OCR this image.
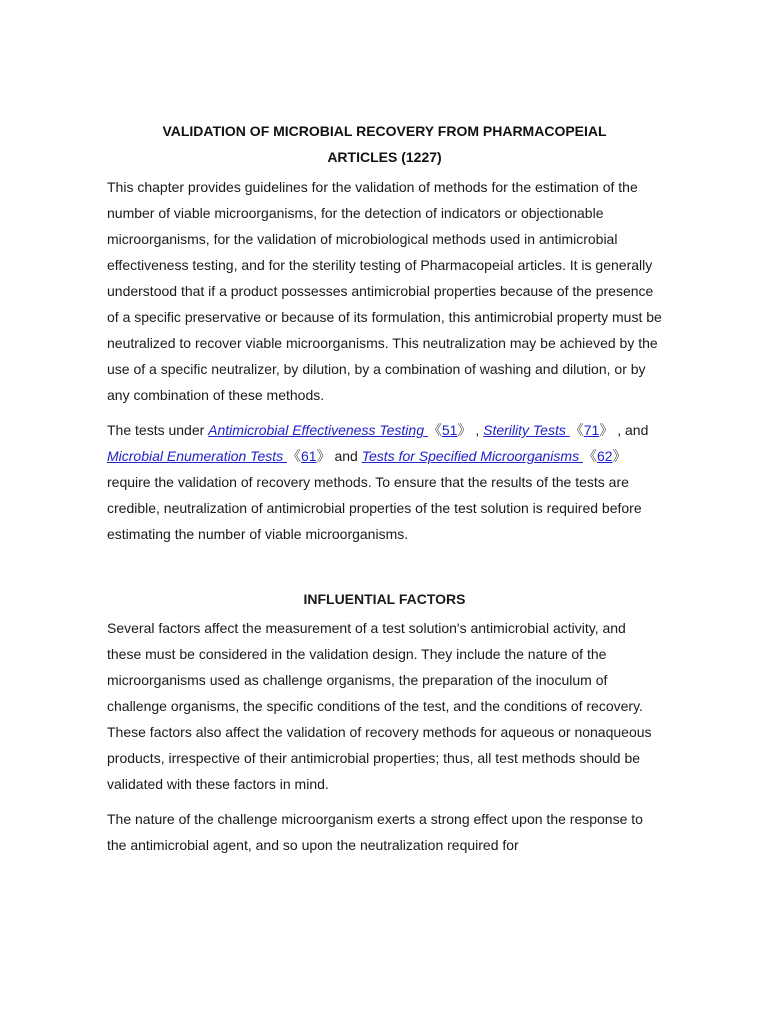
VALIDATION OF MICROBIAL RECOVERY FROM PHARMACOPEIAL
ARTICLES (1227)

This chapter provides guidelines for the validation of methods for the estimation of the number of viable microorganisms, for the detection of indicators or objectionable microorganisms, for the validation of microbiological methods used in antimicrobial effectiveness testing, and for the sterility testing of Pharmacopeial articles. It is generally understood that if a product possesses antimicrobial properties because of the presence of a specific preservative or because of its formulation, this antimicrobial property must be neutralized to recover viable microorganisms. This neutralization may be achieved by the use of a specific neutralizer, by dilution, by a combination of washing and dilution, or by any combination of these methods.

The tests under Antimicrobial Effectiveness Testing 《51》 , Sterility Tests 《71》 , and Microbial Enumeration Tests 《61》 and Tests for Specified Microorganisms 《62》 require the validation of recovery methods. To ensure that the results of the tests are credible, neutralization of antimicrobial properties of the test solution is required before estimating the number of viable microorganisms.

INFLUENTIAL FACTORS

Several factors affect the measurement of a test solution's antimicrobial activity, and these must be considered in the validation design. They include the nature of the microorganisms used as challenge organisms, the preparation of the inoculum of challenge organisms, the specific conditions of the test, and the conditions of recovery. These factors also affect the validation of recovery methods for aqueous or nonaqueous products, irrespective of their antimicrobial properties; thus, all test methods should be validated with these factors in mind.

The nature of the challenge microorganism exerts a strong effect upon the response to the antimicrobial agent, and so upon the neutralization required for
